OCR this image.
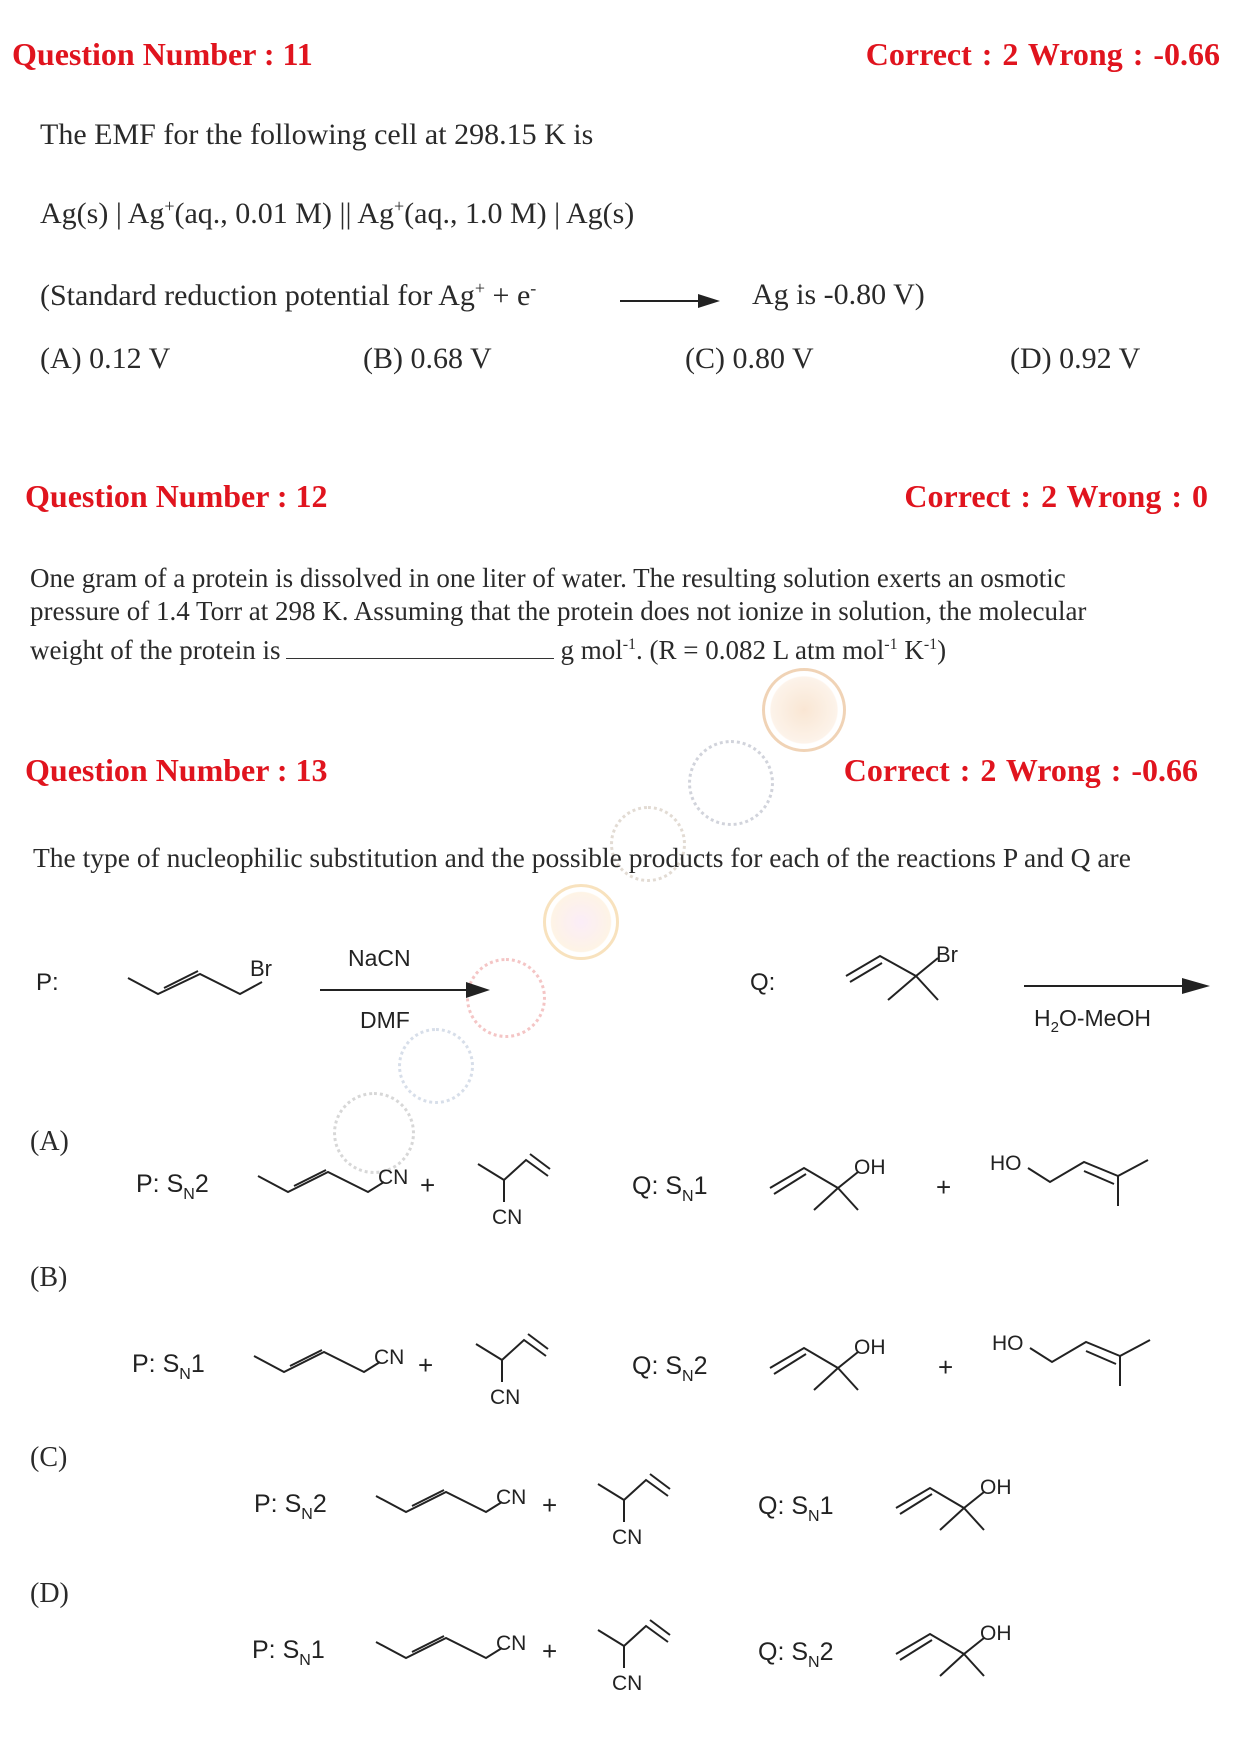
Question Number : 11	Correct : 2 Wrong : -0.66
The EMF for the following cell at 298.15 K is
Ag(s) | Ag+(aq., 0.01 M) || Ag+(aq., 1.0 M) | Ag(s)
(Standard reduction potential for Ag+ + e-	Ag is -0.80 V)
(A) 0.12 V	(B) 0.68 V	(C) 0.80 V	(D) 0.92 V
Question Number : 12	Correct : 2 Wrong : 0
One gram of a protein is dissolved in one liter of water. The resulting solution exerts an osmotic
pressure of 1.4 Torr at 298 K. Assuming that the protein does not ionize in solution, the molecular
weight of the protein is	g mol$^{-1}$. (R = 0.082 L atm mol$^{-1}$ $K^{-1}$)
Question Number : 13	Correct : 2 Wrong : -0.66
The type of nucleophilic substitution and the possible products for each of the reactions P and Q are
P:
Br	NaCN
DMF
Q:
Br
$H_2O$-MeOH
(A)
(B)
(C)
(D)
P: $S_N2$	CN +
CN
Q: $S_N1$
OH
+
HO
P: $S_N1$	CN +
CN
Q: $S_N2$
OH
+
HO
P: $S_N2$	CN +
CN
Q: $S_N1$
OH
P: $S_N1$	CN +
CN
Q: $S_N2$
OH
